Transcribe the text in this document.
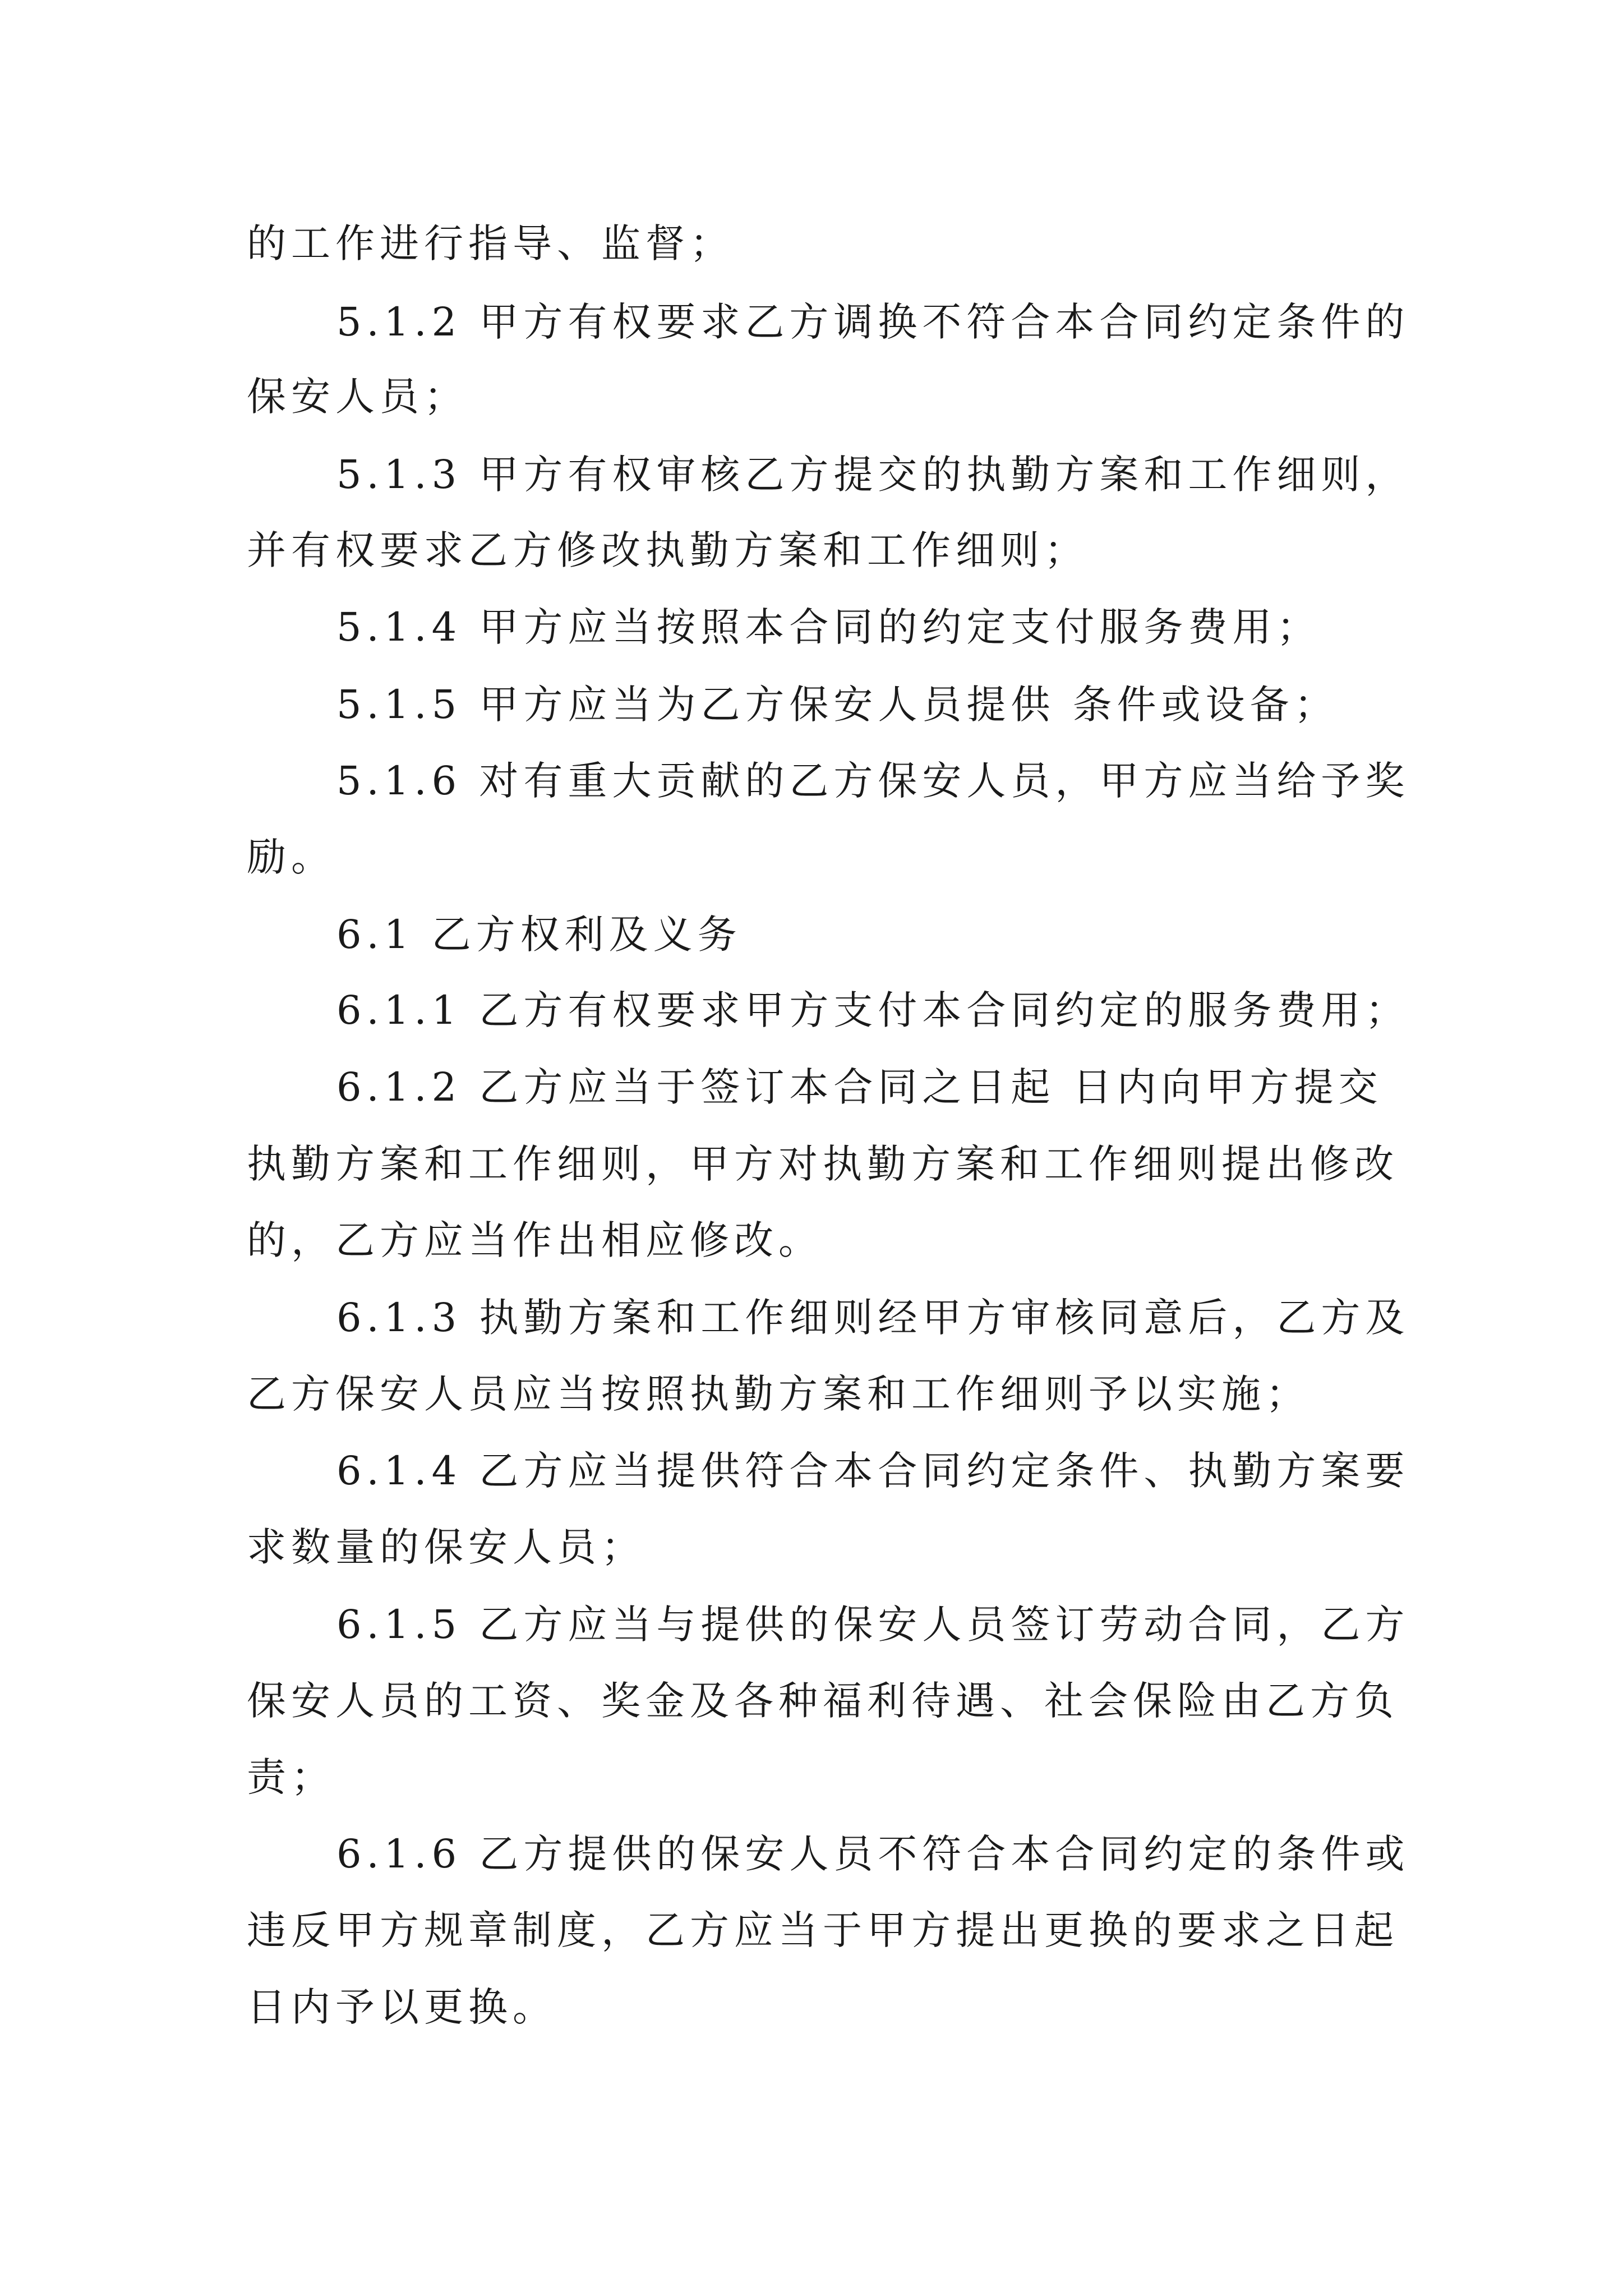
的工作进行指导、监督；
5.1.2 甲方有权要求乙方调换不符合本合同约定条件的
保安人员；
5.1.3 甲方有权审核乙方提交的执勤方案和工作细则，
并有权要求乙方修改执勤方案和工作细则；
5.1.4 甲方应当按照本合同的约定支付服务费用；
5.1.5 甲方应当为乙方保安人员提供 条件或设备；
5.1.6 对有重大贡献的乙方保安人员，甲方应当给予奖
励。
6.1 乙方权利及义务
6.1.1 乙方有权要求甲方支付本合同约定的服务费用；
6.1.2 乙方应当于签订本合同之日起 日内向甲方提交
执勤方案和工作细则，甲方对执勤方案和工作细则提出修改
的，乙方应当作出相应修改。
6.1.3 执勤方案和工作细则经甲方审核同意后，乙方及
乙方保安人员应当按照执勤方案和工作细则予以实施；
6.1.4 乙方应当提供符合本合同约定条件、执勤方案要
求数量的保安人员；
6.1.5 乙方应当与提供的保安人员签订劳动合同，乙方
保安人员的工资、奖金及各种福利待遇、社会保险由乙方负
责；
6.1.6 乙方提供的保安人员不符合本合同约定的条件或
违反甲方规章制度，乙方应当于甲方提出更换的要求之日起
日内予以更换。
